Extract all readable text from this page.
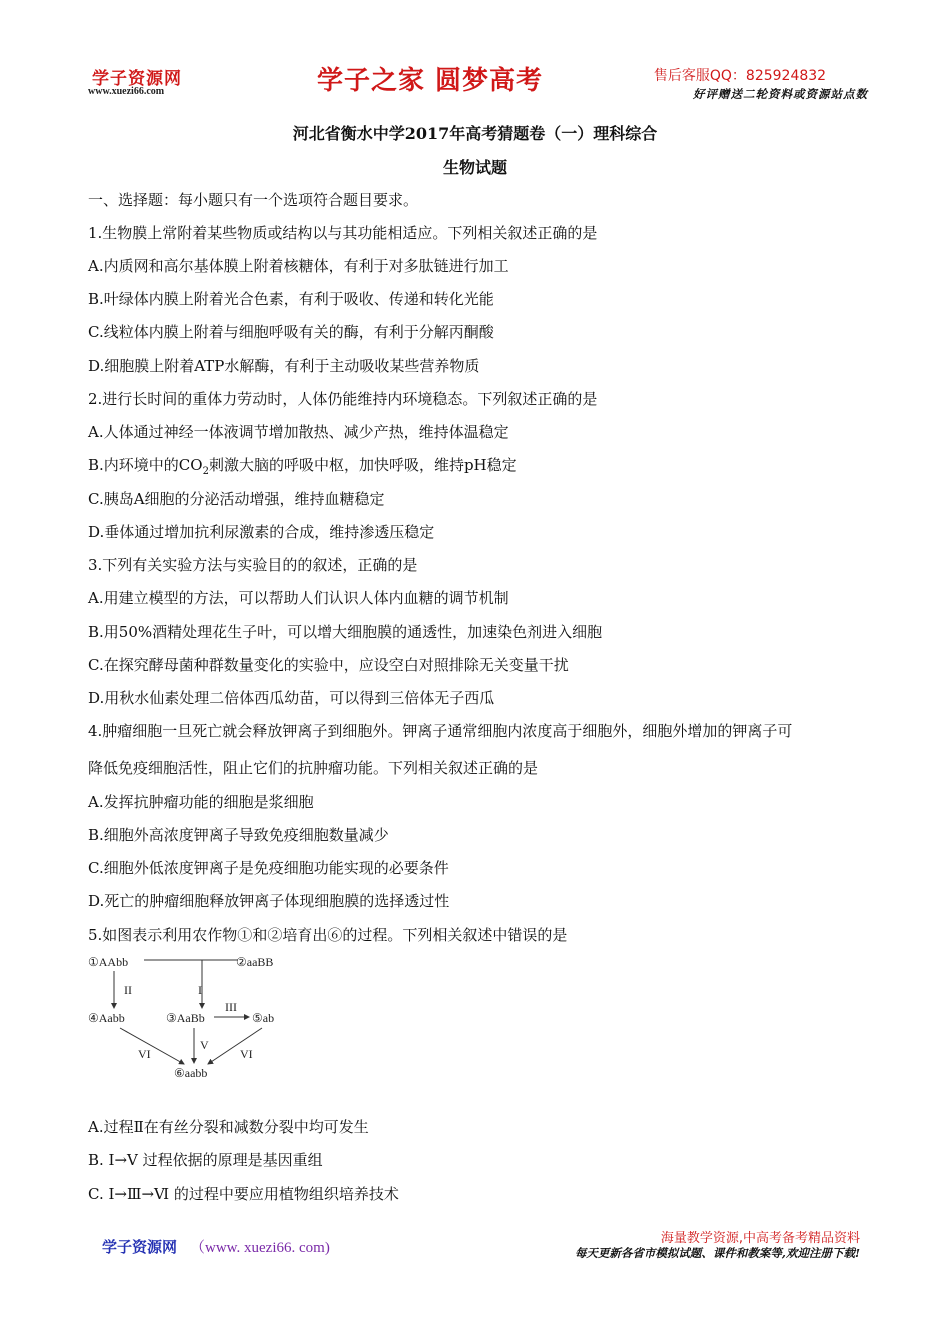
学子资源网
www.xuezi66.com	学子之家 圆梦高考	售后客服QQ：825924832
好评赠送二轮资料或资源站点数
河北省衡水中学2017年高考猜题卷（一）理科综合
生物试题
一、选择题：每小题只有一个选项符合题目要求。
1.生物膜上常附着某些物质或结构以与其功能相适应。下列相关叙述正确的是
A.内质网和高尔基体膜上附着核糖体，有利于对多肽链进行加工
B.叶绿体内膜上附着光合色素，有利于吸收、传递和转化光能
C.线粒体内膜上附着与细胞呼吸有关的酶，有利于分解丙酮酸
D.细胞膜上附着ATP水解酶，有利于主动吸收某些营养物质
2.进行长时间的重体力劳动时，人体仍能维持内环境稳态。下列叙述正确的是
A.人体通过神经一体液调节增加散热、减少产热，维持体温稳定
B.内环境中的$CO_2$刺激大脑的呼吸中枢，加快呼吸，维持pH稳定
C.胰岛A细胞的分泌活动增强，维持血糖稳定
D.垂体通过增加抗利尿激素的合成，维持渗透压稳定
3.下列有关实验方法与实验目的的叙述，正确的是
A.用建立模型的方法，可以帮助人们认识人体内血糖的调节机制
B.用50%酒精处理花生子叶，可以增大细胞膜的通透性，加速染色剂进入细胞
C.在探究酵母菌种群数量变化的实验中，应设空白对照排除无关变量干扰
D.用秋水仙素处理二倍体西瓜幼苗，可以得到三倍体无子西瓜
4.肿瘤细胞一旦死亡就会释放钾离子到细胞外。钾离子通常细胞内浓度高于细胞外，细胞外增加的钾离子可
降低免疫细胞活性，阻止它们的抗肿瘤功能。下列相关叙述正确的是
A.发挥抗肿瘤功能的细胞是浆细胞
B.细胞外高浓度钾离子导致免疫细胞数量减少
C.细胞外低浓度钾离子是免疫细胞功能实现的必要条件
D.死亡的肿瘤细胞释放钾离子体现细胞膜的选择透过性
5.如图表示利用农作物①和②培育出⑥的过程。下列相关叙述中错误的是
①AAbb	②aaBB
④Aabb	③AaBb	⑤ab
⑥aabb
II	I
III
V
VI	VI
A.过程Ⅱ在有丝分裂和减数分裂中均可发生
B. Ⅰ→Ⅴ 过程依据的原理是基因重组
C. Ⅰ→Ⅲ→Ⅵ 的过程中要应用植物组织培养技术
学子资源网 （www. xuezi66. com)
海量教学资源,中高考备考精品资料
每天更新各省市模拟试题、课件和教案等,欢迎注册下载!
